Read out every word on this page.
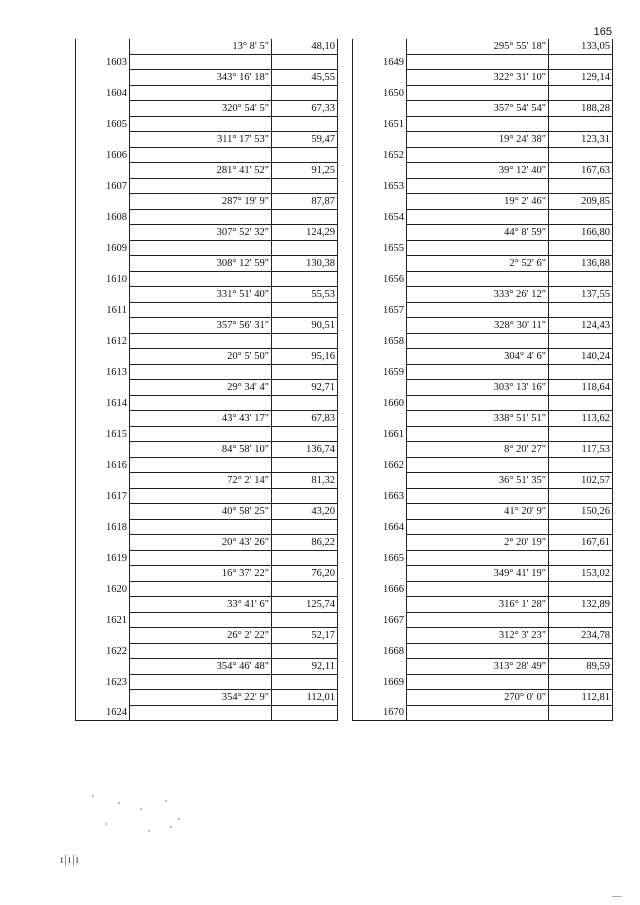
165
1603	13° 8' 5"	48,10

1604	343° 16' 18"	45,55

1605	320° 54' 5"	67,33

1606	311° 17' 53"	59,47

1607	281° 41' 52"	91,25

1608	287° 19' 9"	87,87

1609	307° 52' 32"	124,29

1610	308° 12' 59"	130,38

1611	331° 51' 40"	55,53

1612	357° 56' 31"	90,51

1613	20° 5' 50"	95,16

1614	29° 34' 4"	92,71

1615	43° 43' 17"	67,83

1616	84° 58' 10"	136,74

1617	72° 2' 14"	81,32

1618	40° 58' 25"	43,20

1619	20° 43' 26"	86,22

1620	16° 37' 22"	76,20

1621	33° 41' 6"	125,74

1622	26° 2' 22"	52,17

1623	354° 46' 48"	92,11

1624	354° 22' 9"	112,01

1649	295° 55' 18"	133,05

1650	322° 31' 10"	129,14

1651	357° 54' 54"	188,28

1652	19° 24' 38"	123,31

1653	39° 12' 40"	167,63

1654	19° 2' 46"	209,85

1655	44° 8' 59"	166,80

1656	2° 52' 6"	136,88

1657	333° 26' 12"	137,55

1658	328° 30' 11"	124,43

1659	304° 4' 6"	140,24

1660	303° 13' 16"	118,64

1661	338° 51' 51"	113,62

1662	8° 20' 27"	117,53

1663	36° 51' 35"	102,57

1664	41° 20' 9"	150,26

1665	2° 20' 19"	167,61

1666	349° 41' 19"	153,02

1667	316° 1' 28"	132,89

1668	312° 3' 23"	234,78

1669	313° 28' 49"	89,59

1670	270° 0' 0"	112,81

ı|ı|ı
